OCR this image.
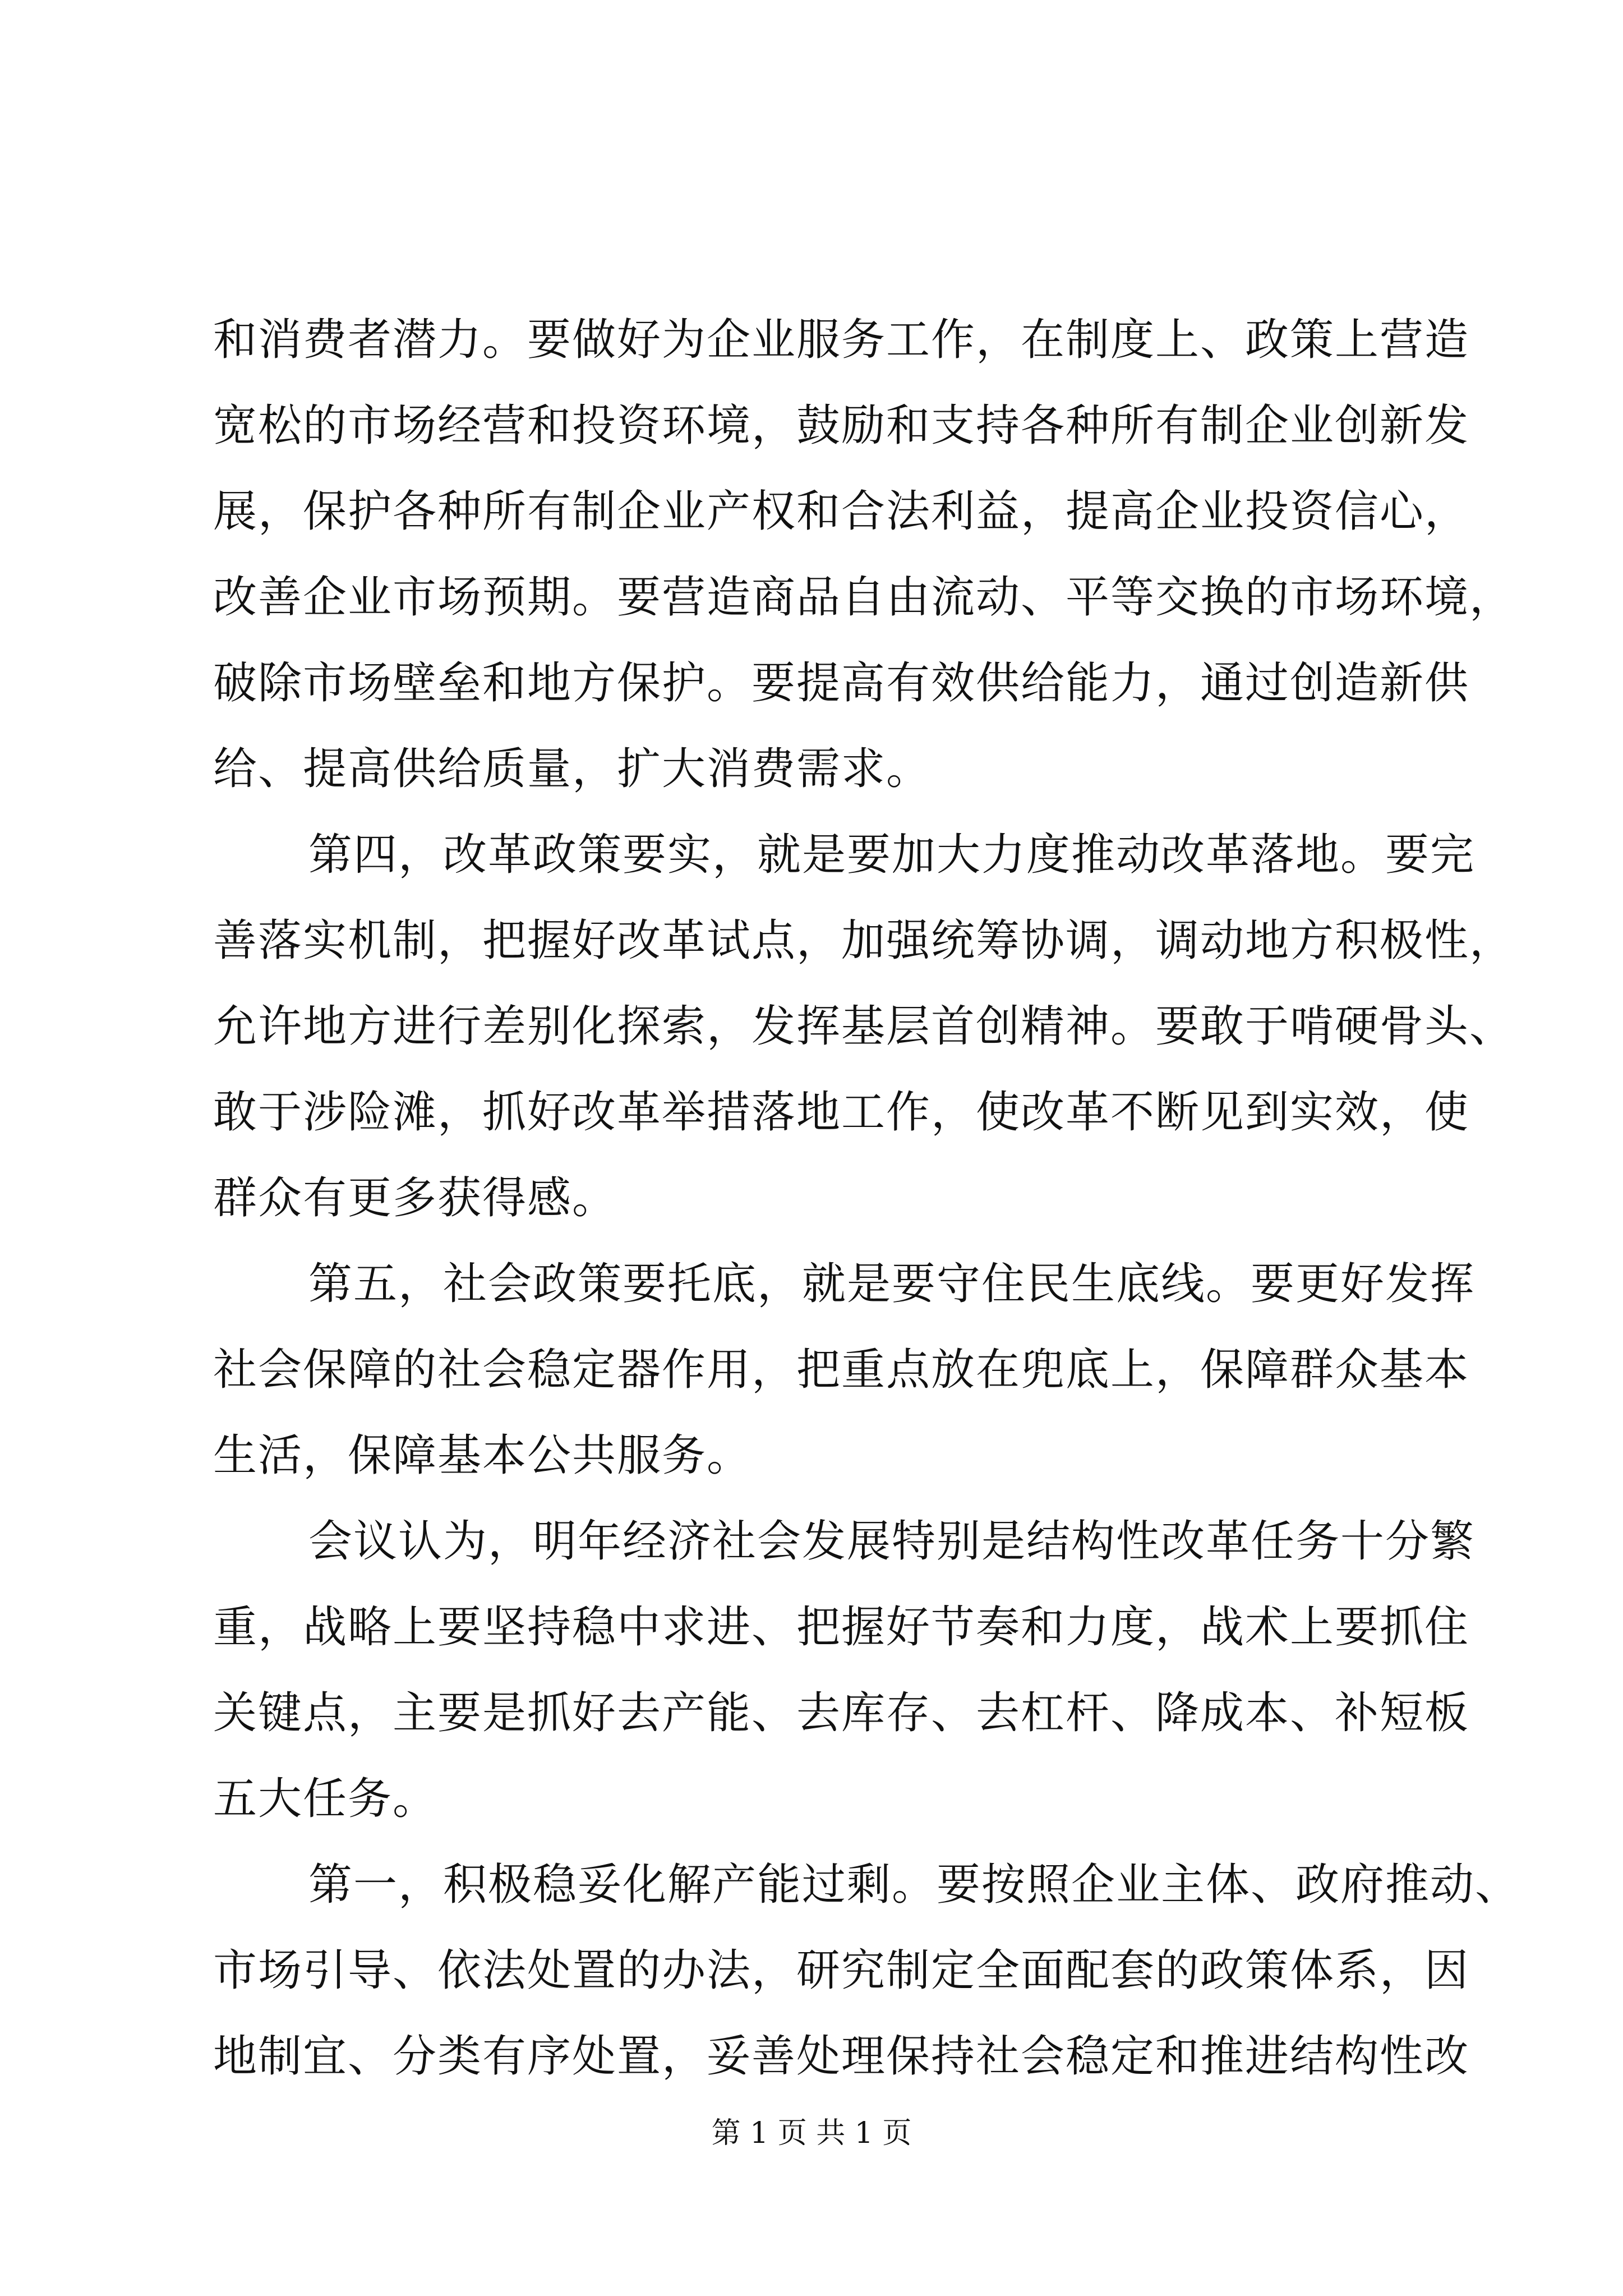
和消费者潜力。要做好为企业服务工作，在制度上、政策上营造
宽松的市场经营和投资环境，鼓励和支持各种所有制企业创新发
展，保护各种所有制企业产权和合法利益，提高企业投资信心，
改善企业市场预期。要营造商品自由流动、平等交换的市场环境，
破除市场壁垒和地方保护。要提高有效供给能力，通过创造新供
给、提高供给质量，扩大消费需求。
第四，改革政策要实，就是要加大力度推动改革落地。要完
善落实机制，把握好改革试点，加强统筹协调，调动地方积极性，
允许地方进行差别化探索，发挥基层首创精神。要敢于啃硬骨头、
敢于涉险滩，抓好改革举措落地工作，使改革不断见到实效，使
群众有更多获得感。
第五，社会政策要托底，就是要守住民生底线。要更好发挥
社会保障的社会稳定器作用，把重点放在兜底上，保障群众基本
生活，保障基本公共服务。
会议认为，明年经济社会发展特别是结构性改革任务十分繁
重，战略上要坚持稳中求进、把握好节奏和力度，战术上要抓住
关键点，主要是抓好去产能、去库存、去杠杆、降成本、补短板
五大任务。
第一，积极稳妥化解产能过剩。要按照企业主体、政府推动、
市场引导、依法处置的办法，研究制定全面配套的政策体系，因
地制宜、分类有序处置，妥善处理保持社会稳定和推进结构性改
第 1 页 共 1 页
